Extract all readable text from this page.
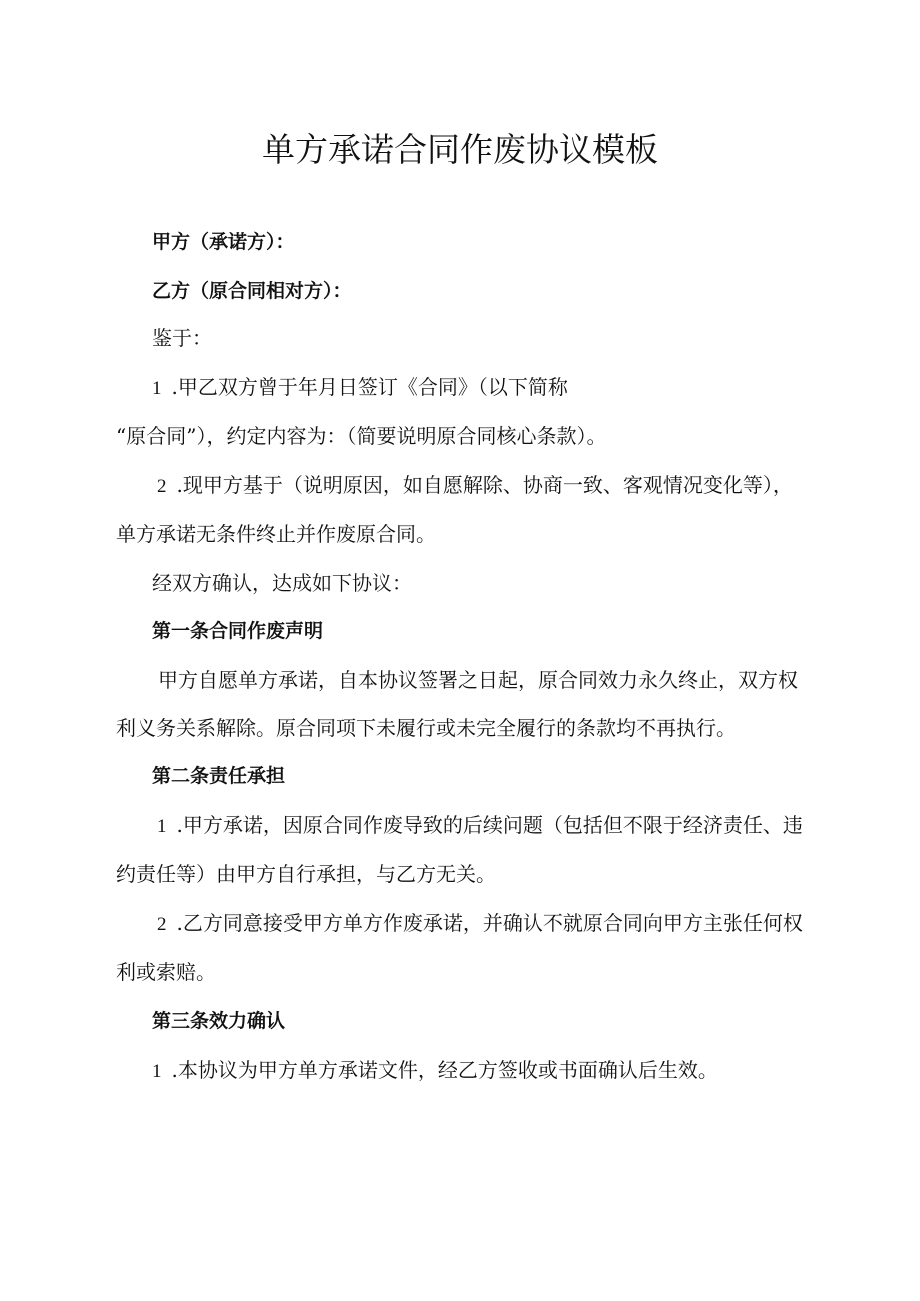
单方承诺合同作废协议模板
甲方（承诺方）：
乙方（原合同相对方）：
鉴于：
1 .甲乙双方曾于年月日签订《合同》（以下简称
“原合同”），约定内容为：（简要说明原合同核心条款）。
2 .现甲方基于（说明原因，如自愿解除、协商一致、客观情况变化等），
单方承诺无条件终止并作废原合同。
经双方确认，达成如下协议：
第一条合同作废声明
甲方自愿单方承诺，自本协议签署之日起，原合同效力永久终止，双方权
利义务关系解除。原合同项下未履行或未完全履行的条款均不再执行。
第二条责任承担
1 .甲方承诺，因原合同作废导致的后续问题（包括但不限于经济责任、违
约责任等）由甲方自行承担，与乙方无关。
2 .乙方同意接受甲方单方作废承诺，并确认不就原合同向甲方主张任何权
利或索赔。
第三条效力确认
1 .本协议为甲方单方承诺文件，经乙方签收或书面确认后生效。
